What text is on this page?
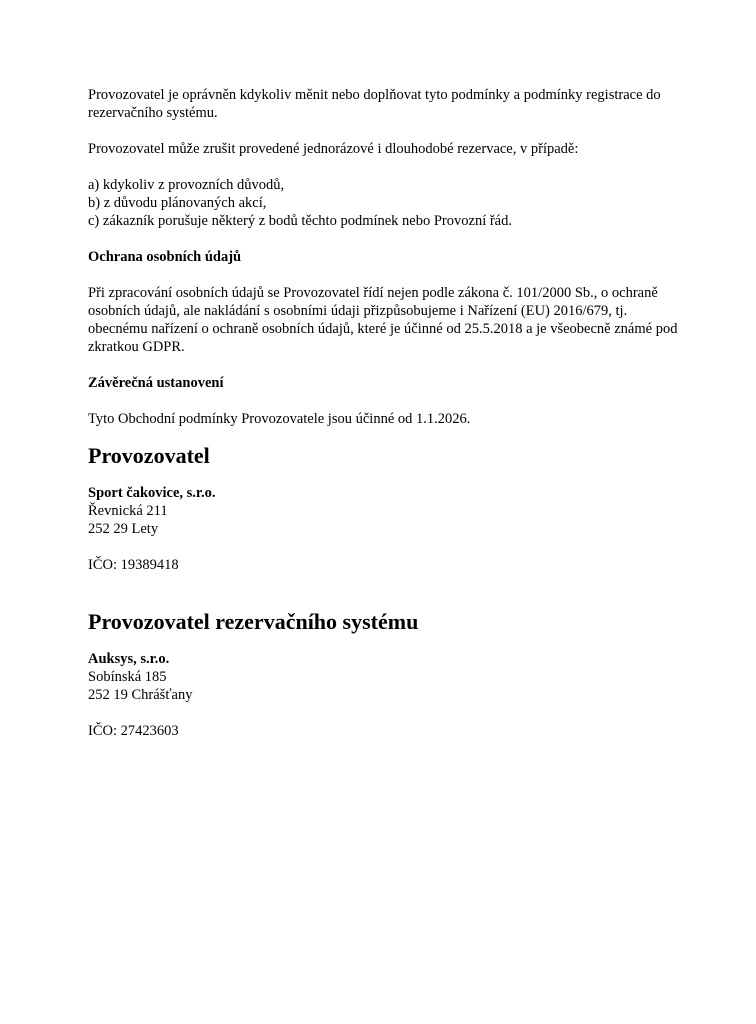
Provozovatel je oprávněn kdykoliv měnit nebo doplňovat tyto podmínky a podmínky registrace do rezervačního systému.

Provozovatel může zrušit provedené jednorázové i dlouhodobé rezervace, v případě:

a) kdykoliv z provozních důvodů,
b) z důvodu plánovaných akcí,
c) zákazník porušuje některý z bodů těchto podmínek nebo Provozní řád.

Ochrana osobních údajů

Při zpracování osobních údajů se Provozovatel řídí nejen podle zákona č. 101/2000 Sb., o ochraně osobních údajů, ale nakládání s osobními údaji přizpůsobujeme i Nařízení (EU) 2016/679, tj. obecnému nařízení o ochraně osobních údajů, které je účinné od 25.5.2018 a je všeobecně známé pod zkratkou GDPR.

Závěrečná ustanovení

Tyto Obchodní podmínky Provozovatele jsou účinné od 1.1.2026.

Provozovatel
Sport čakovice, s.r.o.
Řevnická 211
252 29 Lety
IČO: 19389418
Provozovatel rezervačního systému
Auksys, s.r.o.
Sobínská 185
252 19 Chrášťany
IČO: 27423603
